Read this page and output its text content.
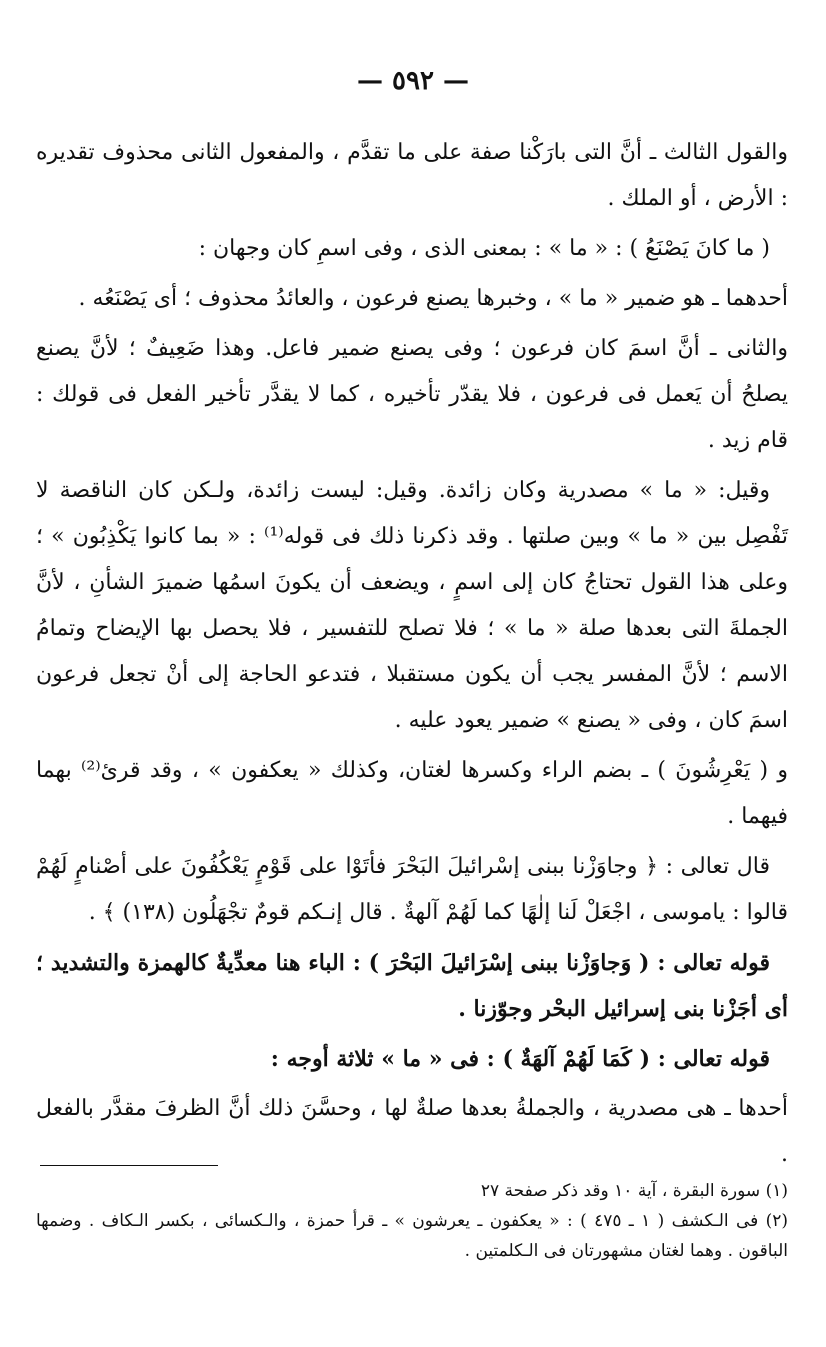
— ٥٩٢ —

والقول الثالث ـ أنَّ التى بارَكْنا صفة على ما تقدَّم ، والمفعول الثانى محذوف تقديره : الأرض ، أو الملك .

( ما كانَ يَصْنَعُ ) : « ما » : بمعنى الذى ، وفى اسمِ كان وجهان :

أحدهما ـ هو ضمير « ما » ، وخبرها يصنع فرعون ، والعائدُ محذوف ؛ أى يَصْنَعُه .

والثانى ـ أنَّ اسمَ كان فرعون ؛ وفى يصنع ضمير فاعل. وهذا ضَعِيفٌ ؛ لأنَّ يصنع يصلحُ أن يَعمل فى فرعون ، فلا يقدّر تأخيره ، كما لا يقدَّر تأخير الفعل فى قولك : قام زيد .

وقيل: « ما » مصدرية وكان زائدة. وقيل: ليست زائدة، ولـكن كان الناقصة لا تَفْصِل بين « ما » وبين صلتها . وقد ذكرنا ذلك فى قوله⁽¹⁾ : « بما كانوا يَكْذِبُون » ؛ وعلى هذا القول تحتاجُ كان إلى اسمٍ ، ويضعف أن يكونَ اسمُها ضميرَ الشأنِ ، لأنَّ الجملةَ التى بعدها صلة « ما » ؛ فلا تصلح للتفسير ، فلا يحصل بها الإيضاح وتمامُ الاسم ؛ لأنَّ المفسر يجب أن يكون مستقبلا ، فتدعو الحاجة إلى أنْ تجعل فرعون اسمَ كان ، وفى « يصنع » ضمير يعود عليه .

و ( يَعْرِشُونَ ) ـ بضم الراء وكسرها لغتان، وكذلك « يعكفون » ، وقد قرئ⁽²⁾ بهما فيهما .

قال تعالى : ﴿ وجاوَزْنا ببنى إسْرائيلَ البَحْرَ فأتَوْا على قَوْمٍ يَعْكُفُونَ على أصْنامٍ لَهُمْ قالوا : ياموسى ، اجْعَلْ لَنا إلٰهًا كما لَهُمْ آلهةٌ . قال إنـكم قومٌ تجْهَلُون (١٣٨) ﴾ .

قوله تعالى : ( وَجاوَزْنا ببنى إسْرَائيلَ البَحْرَ ) : الباء هنا معدِّيةٌ كالهمزة والتشديد ؛ أى أجَزْنا بنى إسرائيل البحْر وجوّزنا .

قوله تعالى : ( كَمَا لَهُمْ آلهَةٌ ) : فى « ما » ثلاثة أوجه :

أحدها ـ هى مصدرية ، والجملةُ بعدها صلةٌ لها ، وحسَّنَ ذلك أنَّ الظرفَ مقدَّر بالفعل .

(١) سورة البقرة ، آية ١٠ وقد ذكر صفحة ٢٧

(٢) فى الـكشف ( ١ ـ ٤٧٥ ) : « يعكفون ـ يعرشون » ـ قرأ حمزة ، والـكسائى ، بكسر الـكاف . وضمها الباقون . وهما لغتان مشهورتان فى الـكلمتين .
